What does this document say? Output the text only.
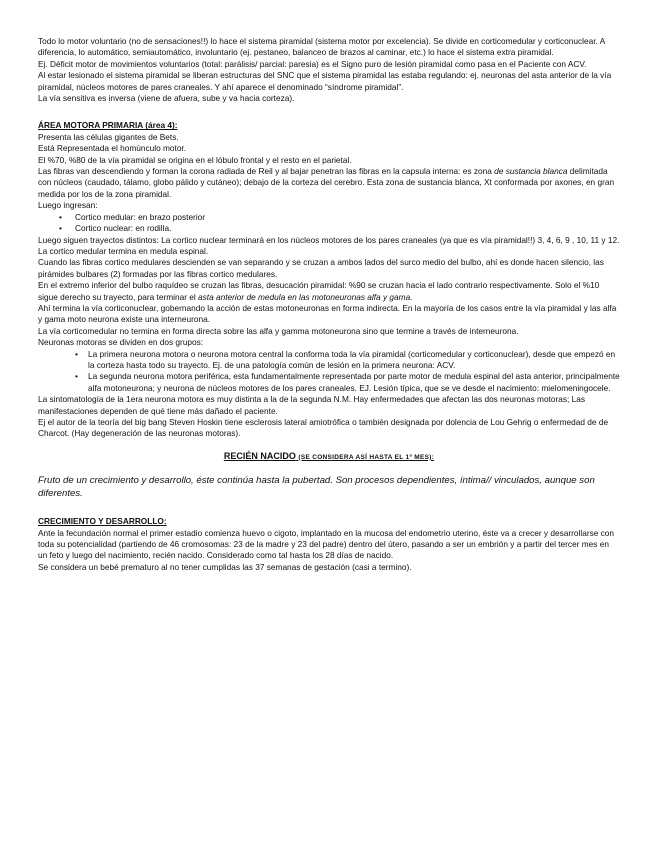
Todo lo motor voluntario (no de sensaciones!!) lo hace el sistema piramidal (sistema motor por excelencia). Se divide en corticomedular y corticonuclear. A diferencia, lo automático, semiautomático, involuntario (ej. pestaneo, balanceo de brazos al caminar, etc.) lo hace el sistema extra piramidal.

Ej. Déficit motor de movimientos voluntarios (total: parálisis/ parcial: paresia) es el Signo puro de lesión piramidal como pasa en el Paciente con ACV.

Al estar lesionado el sistema piramidal se liberan estructuras del SNC que el sistema piramidal las estaba regulando: ej. neuronas del asta anterior de la vía piramidal, núcleos motores de pares craneales. Y ahí aparece el denominado “síndrome piramidal”.

La vía sensitiva es inversa (viene de afuera, sube y va hacia corteza).

ÁREA MOTORA PRIMARIA (área 4):

Presenta las células gigantes de Bets.

Está Representada el homúnculo motor.

El %70, %80 de la vía piramidal se origina en el lóbulo frontal y el resto en el parietal.

Las fibras van descendiendo y forman la corona radiada de Reil y al bajar penetran las fibras en la capsula interna: es zona de sustancia blanca delimitada con núcleos (caudado, tálamo, globo pálido y cutáneo); debajo de la corteza del cerebro. Esta zona de sustancia blanca, Xt conformada por axones, en gran medida por los de la zona piramidal.

Luego ingresan:

• Cortico medular: en brazo posterior
• Cortico nuclear: en rodilla.

Luego siguen trayectos distintos: La cortico nuclear terminará en los núcleos motores de los pares craneales (ya que es vía piramidal!!) 3, 4, 6, 9 , 10, 11 y 12.

La cortico medular termina en medula espinal.

Cuando las fibras cortico medulares descienden se van separando y se cruzan a ambos lados del surco medio del bulbo, ahí es donde hacen silencio, las pirámides bulbares (2) formadas por las fibras cortico medulares.

En el extremo inferior del bulbo raquídeo se cruzan las fibras, desucación piramidal: %90 se cruzan hacia el lado contrario respectivamente. Solo el %10 sigue derecho su trayecto, para terminar el asta anterior de medula en las motoneuronas alfa y gama.

Ahí termina la vía corticonuclear, gobernando la acción de estas motoneuronas en forma indirecta. En la mayoría de los casos entre la vía piramidal y las alfa y gama moto neurona existe una interneurona.

La vía corticomedular no termina en forma directa sobre las alfa y gamma motoneurona sino que termine a través de interneurona.

Neuronas motoras se dividen en dos grupos:

• La primera neurona motora o neurona motora central la conforma toda la vía piramidal (corticomedular y corticonuclear), desde que empezó en la corteza hasta todo su trayecto. Ej. de una patología común de lesión en la primera neurona: ACV.
• La segunda neurona motora periférica, esta fundamentalmente representada por parte motor de medula espinal del asta anterior, principalmente alfa motoneurona; y neurona de núcleos motores de los pares craneales. EJ. Lesión típica, que se ve desde el nacimiento: mielomeningocele.

La sintomatología de la 1era neurona motora es muy distinta a la de la segunda N.M. Hay enfermedades que afectan las dos neuronas motoras; Las manifestaciones dependen de qué tiene más dañado el paciente.

Ej el autor de la teoría del big bang Steven Hoskin tiene esclerosis lateral amiotrófica o también designada por dolencia de Lou Gehrig o enfermedad de de Charcot. (Hay degeneración de las neuronas motoras).

RECIÉN NACIDO (SE CONSIDERA ASÍ HASTA EL 1º MES):

Fruto de un crecimiento y desarrollo, éste continúa hasta la pubertad. Son procesos dependientes, íntima// vinculados, aunque son diferentes.

CRECIMIENTO Y DESARROLLO:

Ante la fecundación normal el primer estadio comienza huevo o cigoto, implantado en la mucosa del endometrio uterino, éste va a crecer y desarrollarse con toda su potencialidad (partiendo de 46 cromosomas: 23 de la madre y 23 del padre) dentro del útero, pasando a ser un embrión y a partir del tercer mes en un feto y luego del nacimiento, recién nacido. Considerado como tal hasta los 28 días de nacido.

Se considera un bebé prematuro al no tener cumplidas las 37 semanas de gestación (casi a termino).
